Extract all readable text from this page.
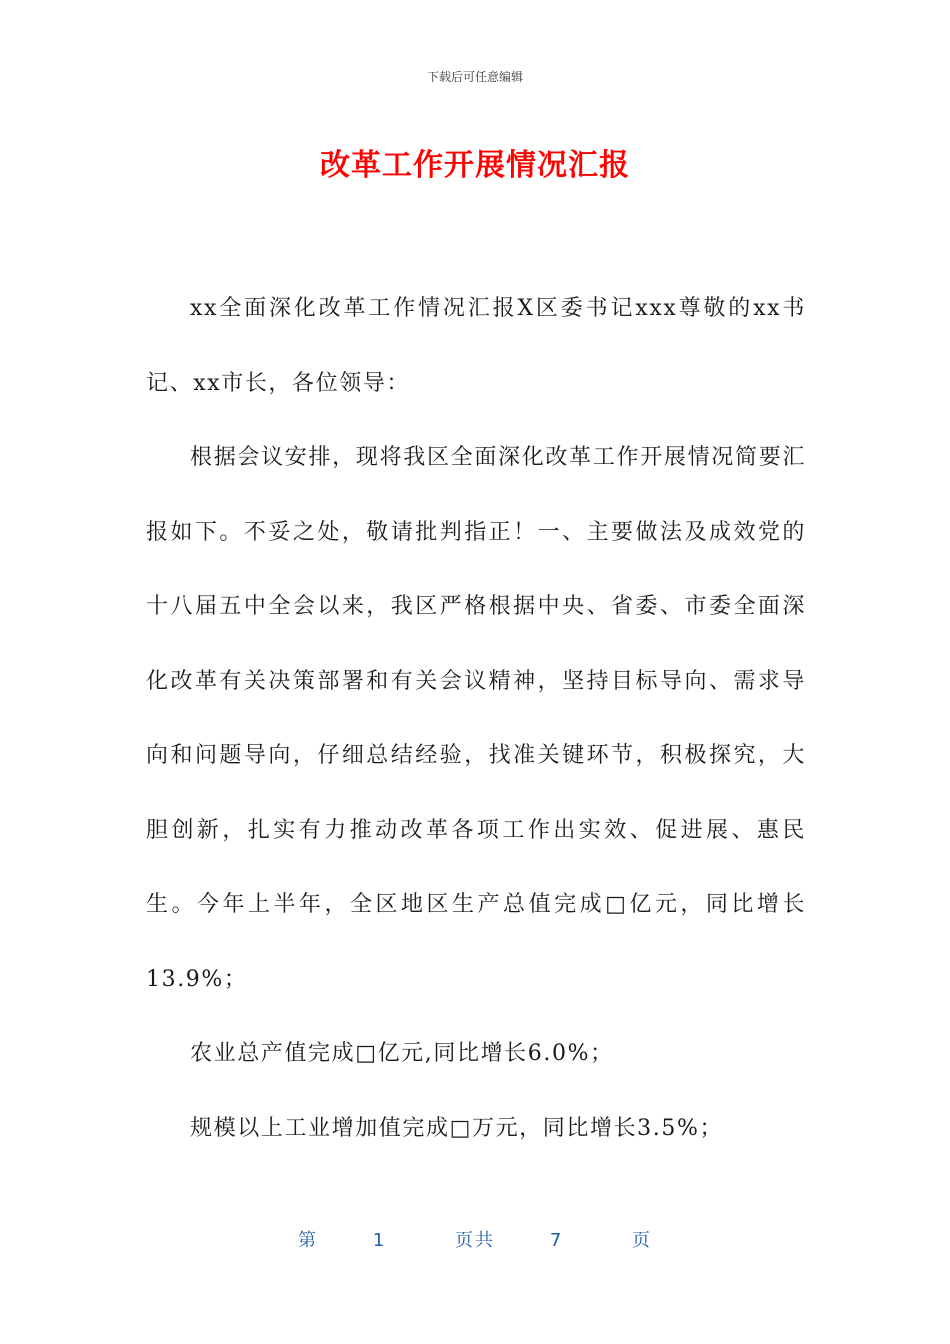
下载后可任意编辑
改革工作开展情况汇报

xx全面深化改革工作情况汇报X区委书记xxx尊敬的xx书记、xx市长，各位领导：

根据会议安排，现将我区全面深化改革工作开展情况简要汇报如下。不妥之处，敬请批判指正！一、主要做法及成效党的十八届五中全会以来，我区严格根据中央、省委、市委全面深化改革有关决策部署和有关会议精神，坚持目标导向、需求导向和问题导向，仔细总结经验，找准关键环节，积极探究，大胆创新，扎实有力推动改革各项工作出实效、促进展、惠民生。今年上半年，全区地区生产总值完成□亿元，同比增长13.9%；

农业总产值完成□亿元,同比增长6.0%；

规模以上工业增加值完成□万元，同比增长3.5%；

第	1	页共	7	页
